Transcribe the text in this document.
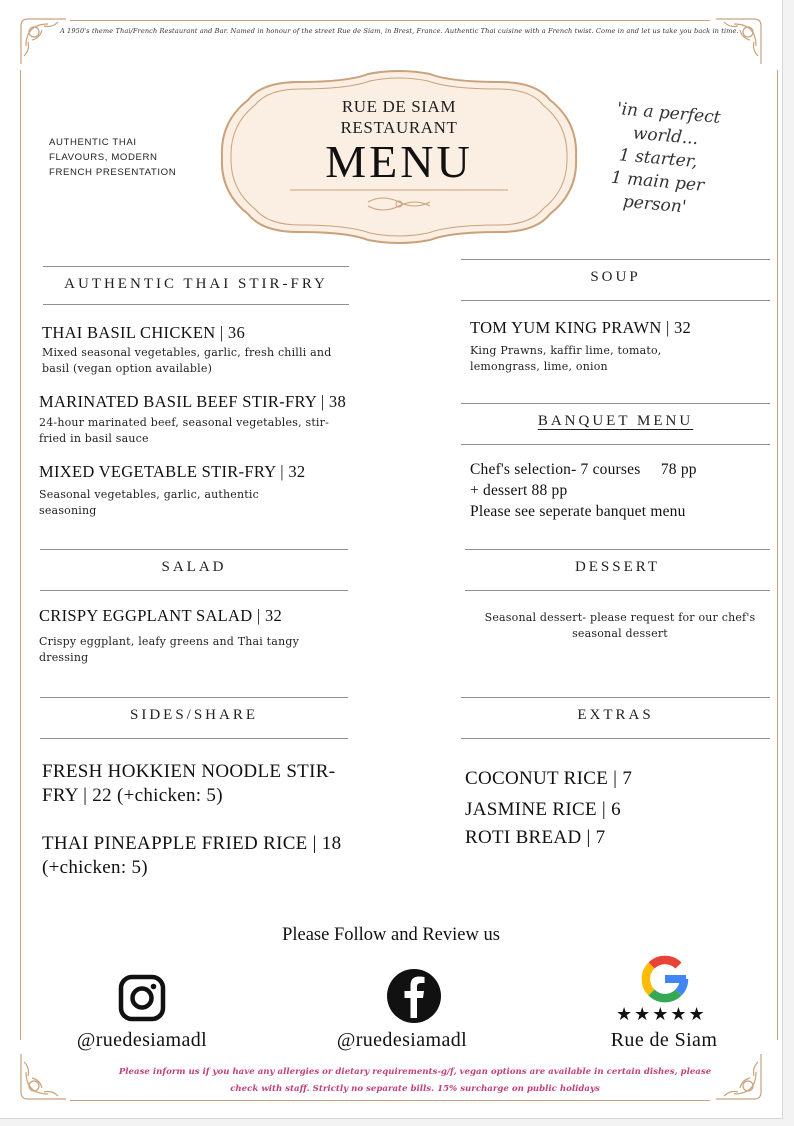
A 1950's theme Thai/French Restaurant and Bar. Named in honour of the street Rue de Siam, in Brest, France. Authentic Thai cuisine with a French twist. Come in and let us take you back in time.
AUTHENTIC THAI
FLAVOURS, MODERN
FRENCH PRESENTATION
RUE DE SIAM
RESTAURANT
MENU
'in a perfect
world...
1 starter,
1 main per
person'
AUTHENTIC THAI STIR-FRY
THAI BASIL CHICKEN | 36
Mixed seasonal vegetables, garlic, fresh chilli and basil (vegan option available)
MARINATED BASIL BEEF STIR-FRY | 38
24-hour marinated beef, seasonal vegetables, stir-fried in basil sauce
MIXED VEGETABLE STIR-FRY | 32
Seasonal vegetables, garlic, authentic seasoning
SALAD
CRISPY EGGPLANT SALAD | 32
Crispy eggplant, leafy greens and Thai tangy dressing
SIDES/SHARE
FRESH HOKKIEN NOODLE STIR-FRY | 22 (+chicken: 5)
THAI PINEAPPLE FRIED RICE | 18 (+chicken: 5)
SOUP
TOM YUM KING PRAWN | 32
King Prawns, kaffir lime, tomato, lemongrass, lime, onion
BANQUET MENU
Chef's selection- 7 courses     78 pp
+ dessert 88 pp
Please see seperate banquet menu
DESSERT
Seasonal dessert- please request for our chef's seasonal dessert
EXTRAS
COCONUT RICE | 7
JASMINE RICE | 6
ROTI BREAD | 7
Please Follow and Review us
@ruedesiamadl	@ruedesiamadl
★★★★★
Rue de Siam
Please inform us if you have any allergies or dietary requirements-g/f, vegan options are available in certain dishes, please
check with staff. Strictly no separate bills. 15% surcharge on public holidays
